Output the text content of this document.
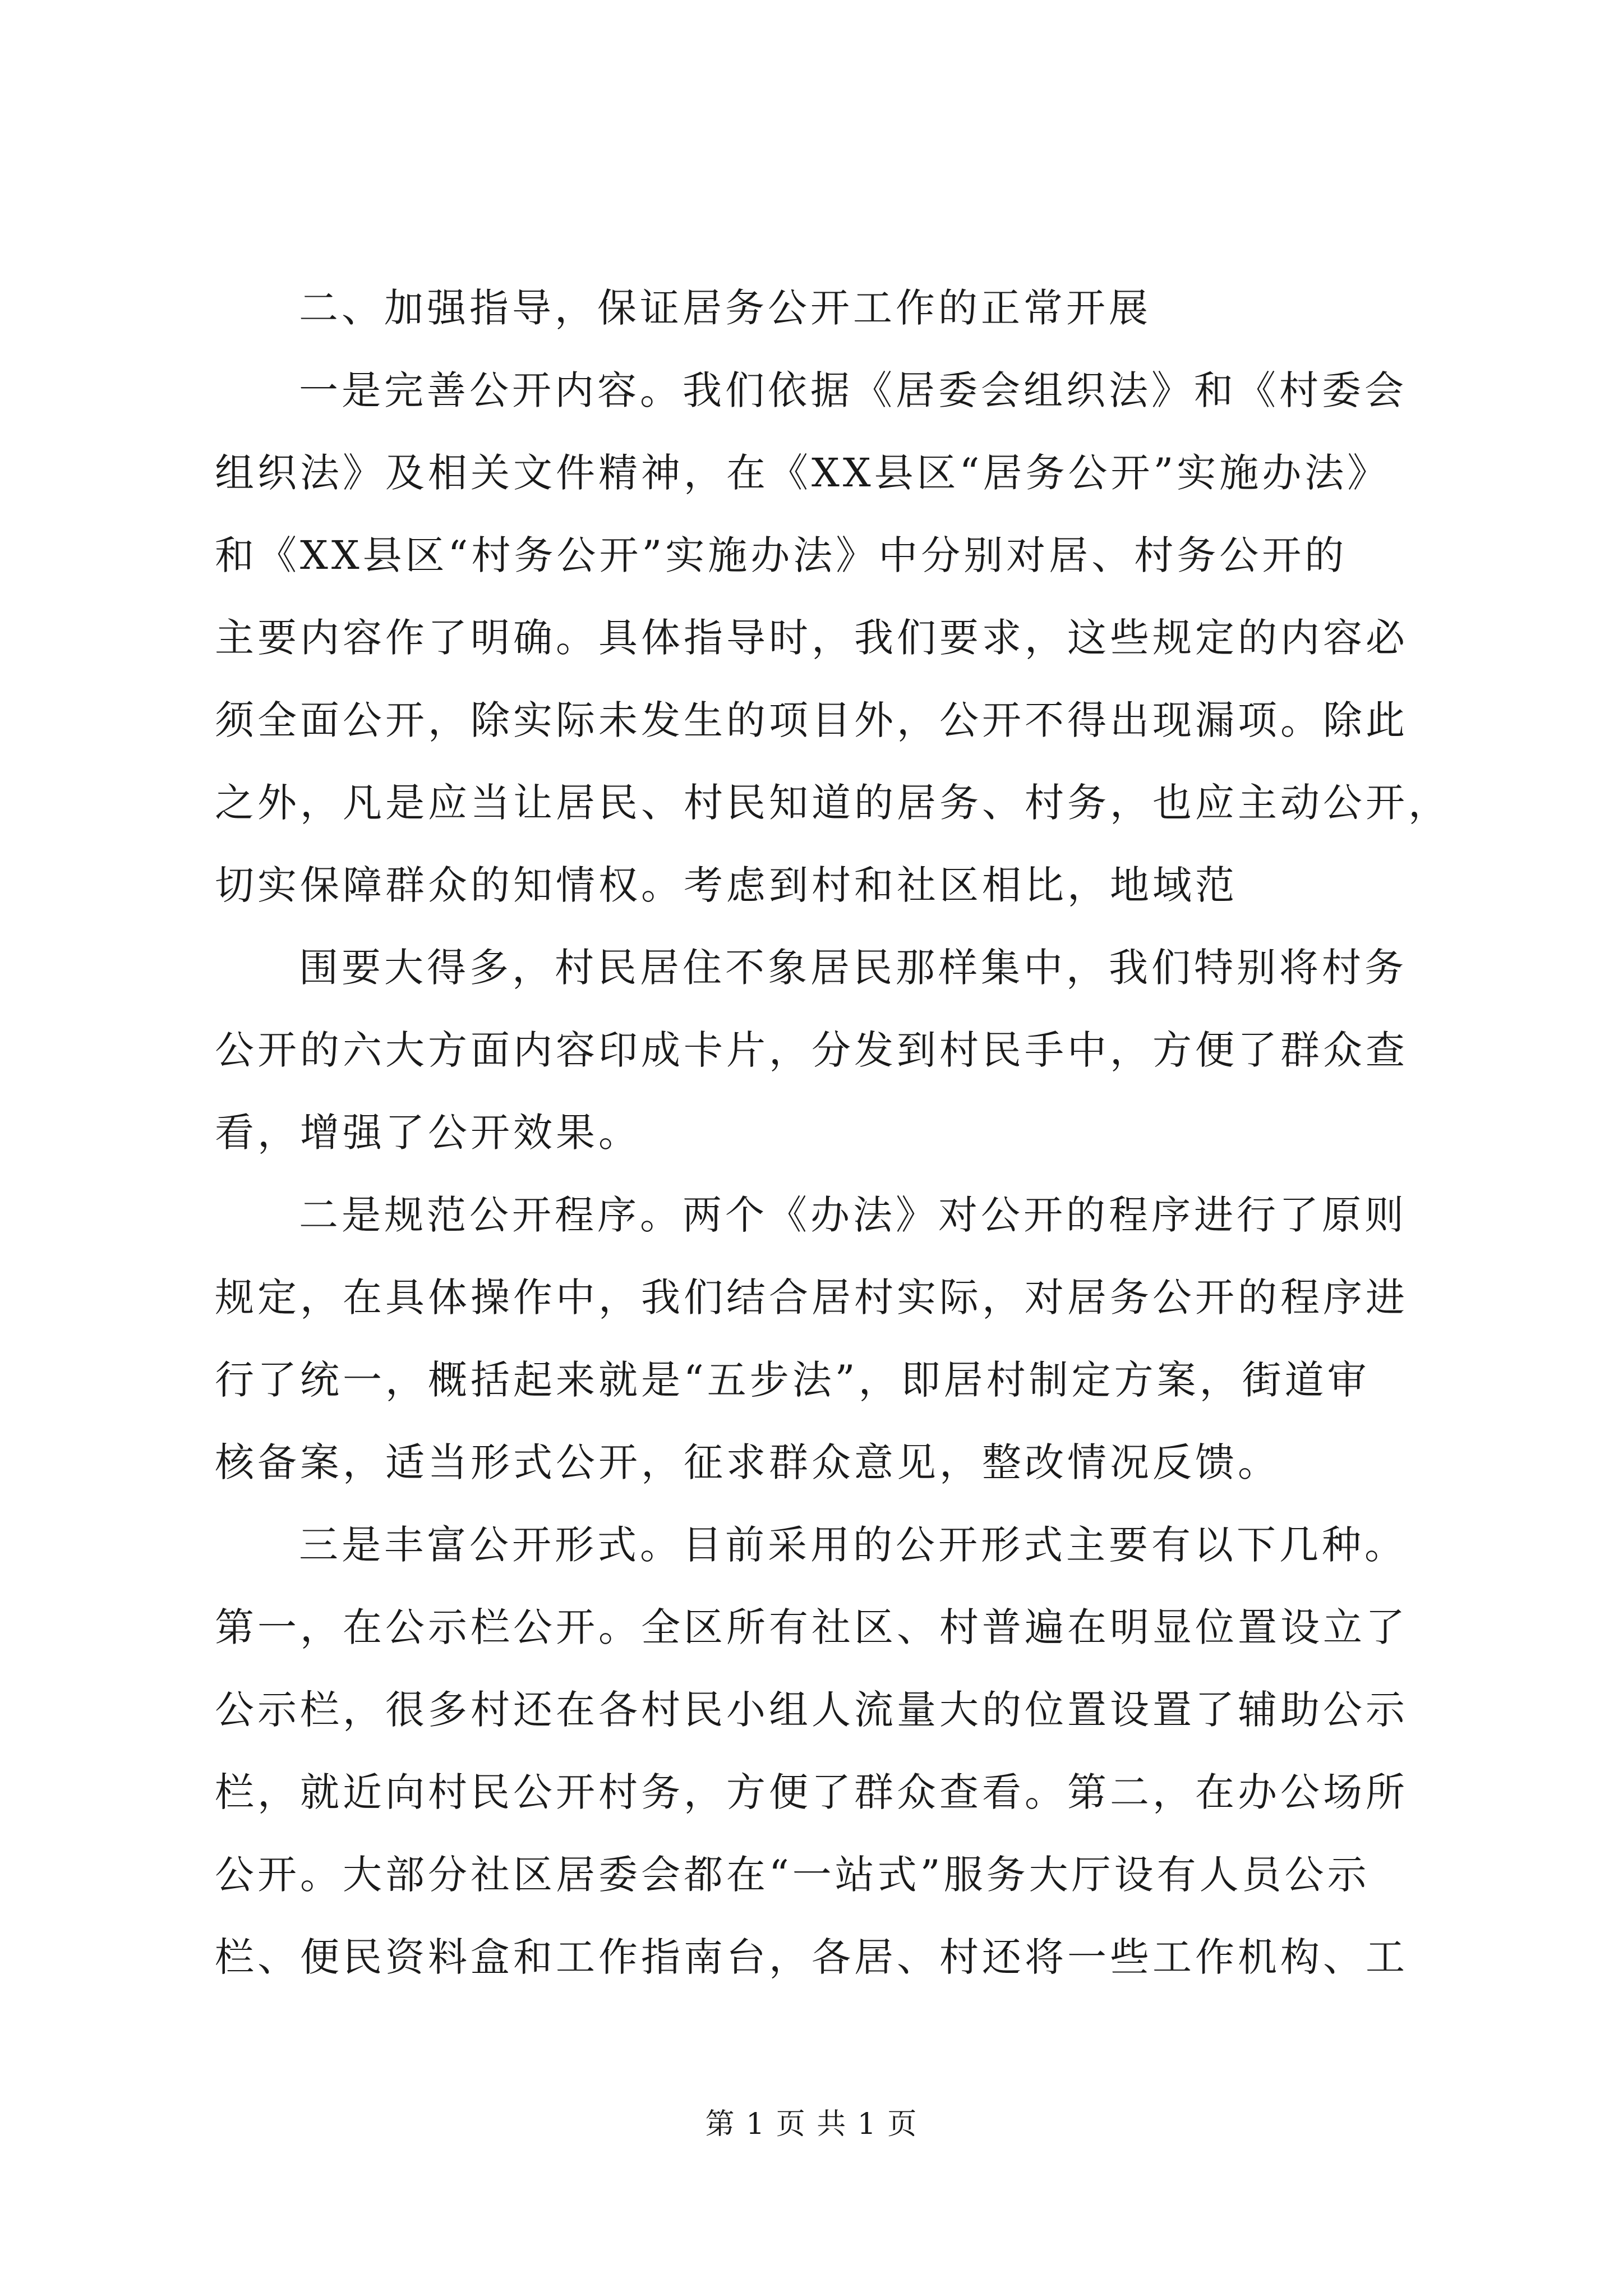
二、加强指导，保证居务公开工作的正常开展
一是完善公开内容。我们依据《居委会组织法》和《村委会
组织法》及相关文件精神，在《XX县区“居务公开”实施办法》
和《XX县区“村务公开”实施办法》中分别对居、村务公开的
主要内容作了明确。具体指导时，我们要求，这些规定的内容必
须全面公开，除实际未发生的项目外，公开不得出现漏项。除此
之外，凡是应当让居民、村民知道的居务、村务，也应主动公开，
切实保障群众的知情权。考虑到村和社区相比，地域范
围要大得多，村民居住不象居民那样集中，我们特别将村务
公开的六大方面内容印成卡片，分发到村民手中，方便了群众查
看，增强了公开效果。
二是规范公开程序。两个《办法》对公开的程序进行了原则
规定，在具体操作中，我们结合居村实际，对居务公开的程序进
行了统一，概括起来就是“五步法”，即居村制定方案，街道审
核备案，适当形式公开，征求群众意见，整改情况反馈。
三是丰富公开形式。目前采用的公开形式主要有以下几种。
第一，在公示栏公开。全区所有社区、村普遍在明显位置设立了
公示栏，很多村还在各村民小组人流量大的位置设置了辅助公示
栏，就近向村民公开村务，方便了群众查看。第二，在办公场所
公开。大部分社区居委会都在“一站式”服务大厅设有人员公示
栏、便民资料盒和工作指南台，各居、村还将一些工作机构、工
第 1 页 共 1 页
